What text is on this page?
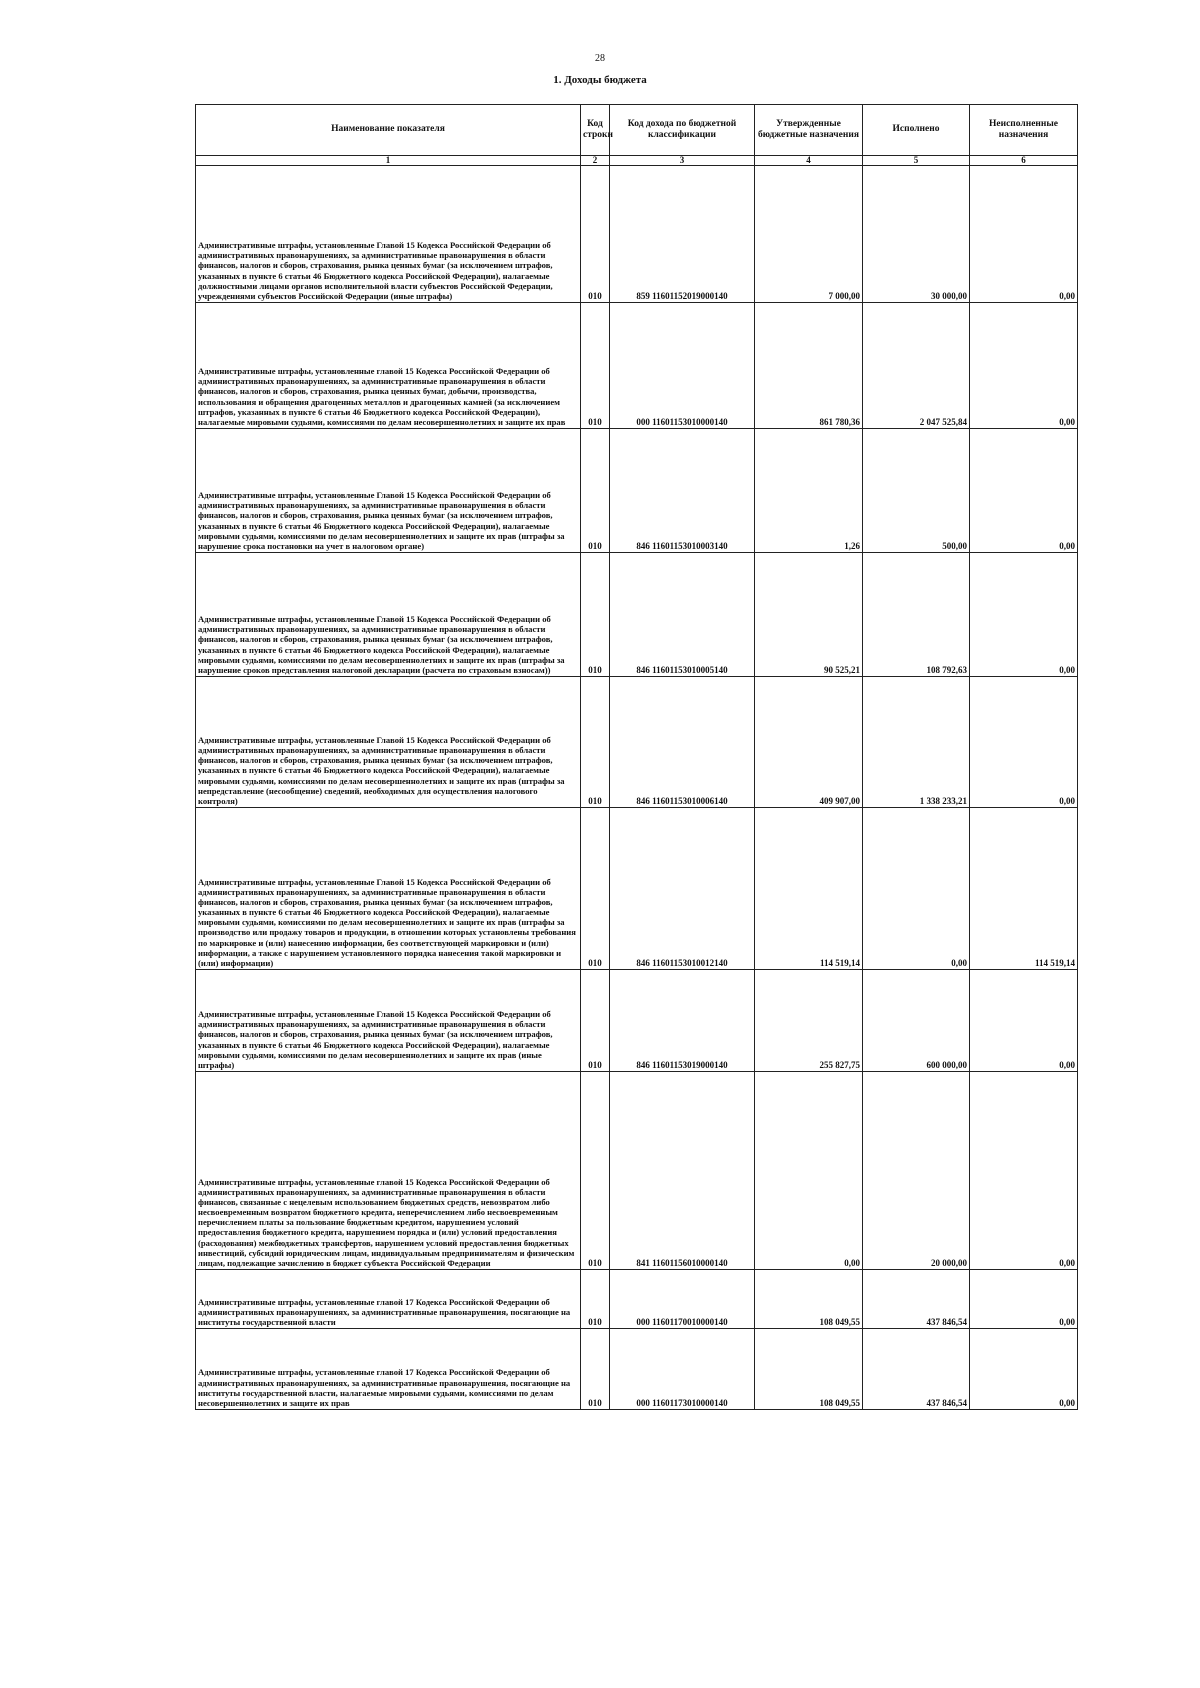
28
1. Доходы бюджета
Наименование показателя	Код строки	Код дохода по бюджетной классификации	Утвержденные бюджетные назначения	Исполнено	Неисполненные назначения
1	2	3	4	5	6
Административные штрафы, установленные Главой 15 Кодекса Российской Федерации об административных правонарушениях, за административные правонарушения в области финансов, налогов и сборов, страхования, рынка ценных бумаг (за исключением штрафов, указанных в пункте 6 статьи 46 Бюджетного кодекса Российской Федерации), налагаемые должностными лицами органов исполнительной власти субъектов Российской Федерации, учреждениями субъектов Российской Федерации (иные штрафы)	010	859 11601152019000140	7 000,00	30 000,00	0,00
Административные штрафы, установленные главой 15 Кодекса Российской Федерации об административных правонарушениях, за административные правонарушения в области финансов, налогов и сборов, страхования, рынка ценных бумаг, добычи, производства, использования и обращения драгоценных металлов и драгоценных камней (за исключением штрафов, указанных в пункте 6 статьи 46 Бюджетного кодекса Российской Федерации), налагаемые мировыми судьями, комиссиями по делам несовершеннолетних и защите их прав	010	000 11601153010000140	861 780,36	2 047 525,84	0,00
Административные штрафы, установленные Главой 15 Кодекса Российской Федерации об административных правонарушениях, за административные правонарушения в области финансов, налогов и сборов, страхования, рынка ценных бумаг (за исключением штрафов, указанных в пункте 6 статьи 46 Бюджетного кодекса Российской Федерации), налагаемые мировыми судьями, комиссиями по делам несовершеннолетних и защите их прав (штрафы за нарушение срока постановки на учет в налоговом органе)	010	846 11601153010003140	1,26	500,00	0,00
Административные штрафы, установленные Главой 15 Кодекса Российской Федерации об административных правонарушениях, за административные правонарушения в области финансов, налогов и сборов, страхования, рынка ценных бумаг (за исключением штрафов, указанных в пункте 6 статьи 46 Бюджетного кодекса Российской Федерации), налагаемые мировыми судьями, комиссиями по делам несовершеннолетних и защите их прав (штрафы за нарушение сроков представления налоговой декларации (расчета по страховым взносам))	010	846 11601153010005140	90 525,21	108 792,63	0,00
Административные штрафы, установленные Главой 15 Кодекса Российской Федерации об административных правонарушениях, за административные правонарушения в области финансов, налогов и сборов, страхования, рынка ценных бумаг (за исключением штрафов, указанных в пункте 6 статьи 46 Бюджетного кодекса Российской Федерации), налагаемые мировыми судьями, комиссиями по делам несовершеннолетних и защите их прав (штрафы за непредставление (несообщение) сведений, необходимых для осуществления налогового контроля)	010	846 11601153010006140	409 907,00	1 338 233,21	0,00
Административные штрафы, установленные Главой 15 Кодекса Российской Федерации об административных правонарушениях, за административные правонарушения в области финансов, налогов и сборов, страхования, рынка ценных бумаг (за исключением штрафов, указанных в пункте 6 статьи 46 Бюджетного кодекса Российской Федерации), налагаемые мировыми судьями, комиссиями по делам несовершеннолетних и защите их прав (штрафы за производство или продажу товаров и продукции, в отношении которых установлены требования по маркировке и (или) нанесению информации, без соответствующей маркировки и (или) информации, а также с нарушением установленного порядка нанесения такой маркировки и (или) информации)	010	846 11601153010012140	114 519,14	0,00	114 519,14
Административные штрафы, установленные Главой 15 Кодекса Российской Федерации об административных правонарушениях, за административные правонарушения в области финансов, налогов и сборов, страхования, рынка ценных бумаг (за исключением штрафов, указанных в пункте 6 статьи 46 Бюджетного кодекса Российской Федерации), налагаемые мировыми судьями, комиссиями по делам несовершеннолетних и защите их прав (иные штрафы)	010	846 11601153019000140	255 827,75	600 000,00	0,00
Административные штрафы, установленные главой 15 Кодекса Российской Федерации об административных правонарушениях, за административные правонарушения в области финансов, связанные с нецелевым использованием бюджетных средств, невозвратом либо несвоевременным возвратом бюджетного кредита, неперечислением либо несвоевременным перечислением платы за пользование бюджетным кредитом, нарушением условий предоставления бюджетного кредита, нарушением порядка и (или) условий предоставления (расходования) межбюджетных трансфертов, нарушением условий предоставления бюджетных инвестиций, субсидий юридическим лицам, индивидуальным предпринимателям и физическим лицам, подлежащие зачислению в бюджет субъекта Российской Федерации	010	841 11601156010000140	0,00	20 000,00	0,00
Административные штрафы, установленные главой 17 Кодекса Российской Федерации об административных правонарушениях, за административные правонарушения, посягающие на институты государственной власти	010	000 11601170010000140	108 049,55	437 846,54	0,00
Административные штрафы, установленные главой 17 Кодекса Российской Федерации об административных правонарушениях, за административные правонарушения, посягающие на институты государственной власти, налагаемые мировыми судьями, комиссиями по делам несовершеннолетних и защите их прав	010	000 11601173010000140	108 049,55	437 846,54	0,00
